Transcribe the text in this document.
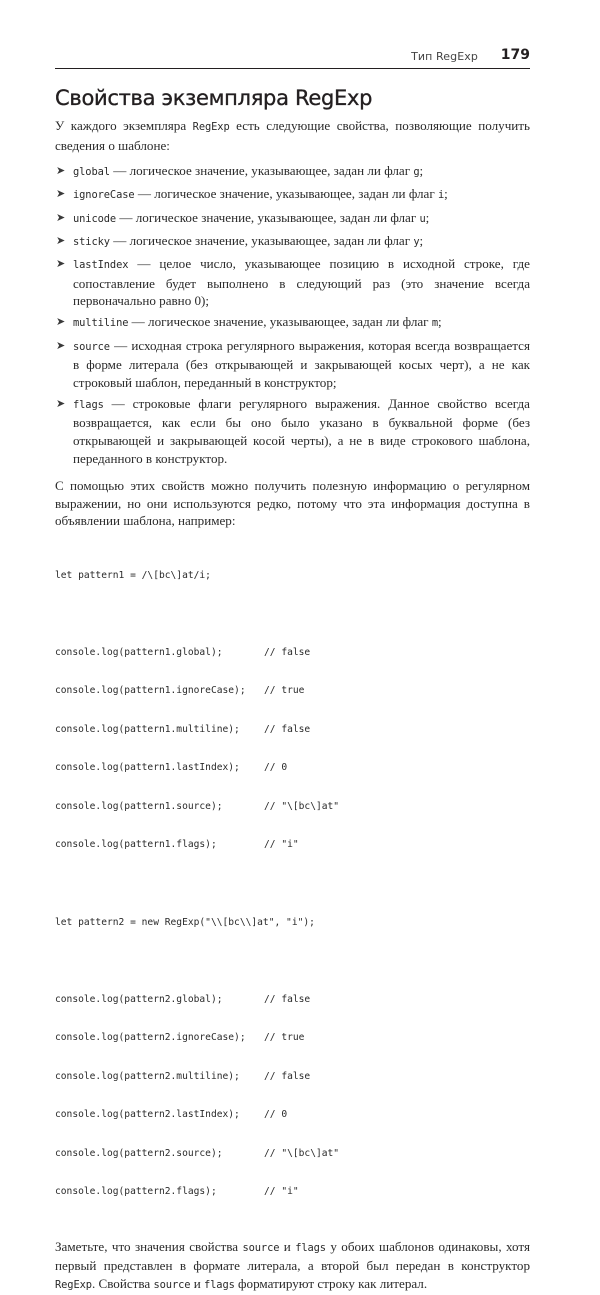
Тип RegExp 179
Свойства экземпляра RegExp

У каждого экземпляра RegExp есть следующие свойства, позволяющие получить сведения о шаблоне:

➤ global — логическое значение, указывающее, задан ли флаг g;
➤ ignoreCase — логическое значение, указывающее, задан ли флаг i;
➤ unicode — логическое значение, указывающее, задан ли флаг u;
➤ sticky — логическое значение, указывающее, задан ли флаг y;
➤ lastIndex — целое число, указывающее позицию в исходной строке, где сопоставление будет выполнено в следующий раз (это значение всегда первоначально равно 0);
➤ multiline — логическое значение, указывающее, задан ли флаг m;
➤ source — исходная строка регулярного выражения, которая всегда возвращается в форме литерала (без открывающей и закрывающей косых черт), а не как строковый шаблон, переданный в конструктор;
➤ flags — строковые флаги регулярного выражения. Данное свойство всегда возвращается, как если бы оно было указано в буквальной форме (без открывающей и закрывающей косой черты), а не в виде строкового шаблона, переданного в конструктор.

С помощью этих свойств можно получить полезную информацию о регулярном выражении, но они используются редко, потому что эта информация доступна в объявлении шаблона, например:

let pattern1 = /\[bc\]at/i;

console.log(pattern1.global);	// false

console.log(pattern1.ignoreCase); // true

console.log(pattern1.multiline);	// false

console.log(pattern1.lastIndex);	// 0

console.log(pattern1.source);	// "\[bc\]at"

console.log(pattern1.flags);	// "i"

let pattern2 = new RegExp("\\[bc\\]at", "i");

console.log(pattern2.global);	// false

console.log(pattern2.ignoreCase); // true

console.log(pattern2.multiline);	// false

console.log(pattern2.lastIndex);	// 0

console.log(pattern2.source);	// "\[bc\]at"

console.log(pattern2.flags);	// "i"

Заметьте, что значения свойства source и flags у обоих шаблонов одинаковы, хотя первый представлен в формате литерала, а второй был передан в конструктор RegExp. Свойства source и flags форматируют строку как литерал.
